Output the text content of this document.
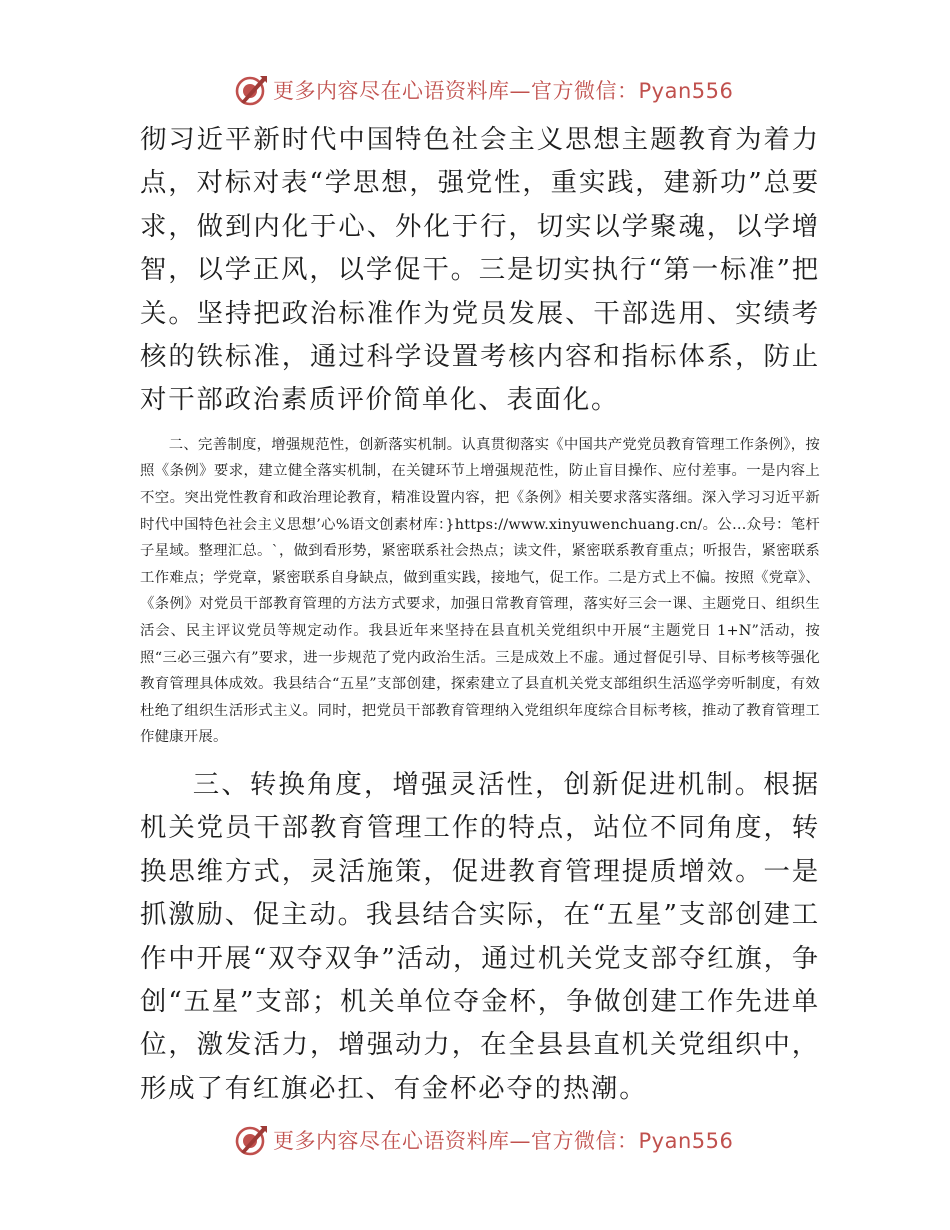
更多内容尽在心语资料库—官方微信：Pyan556

彻习近平新时代中国特色社会主义思想主题教育为着力点，对标对表“学思想，强党性，重实践，建新功”总要求，做到内化于心、外化于行，切实以学聚魂，以学增智，以学正风，以学促干。三是切实执行“第一标准”把关。坚持把政治标准作为党员发展、干部选用、实绩考核的铁标准，通过科学设置考核内容和指标体系，防止对干部政治素质评价简单化、表面化。

二、完善制度，增强规范性，创新落实机制。认真贯彻落实《中国共产党党员教育管理工作条例》，按照《条例》要求，建立健全落实机制，在关键环节上增强规范性，防止盲目操作、应付差事。一是内容上不空。突出党性教育和政治理论教育，精准设置内容，把《条例》相关要求落实落细。深入学习习近平新时代中国特色社会主义思想’心%语文创素材库：}https://www.xinyuwenchuang.cn/。公…众号：笔杆子星域。整理汇总。`，做到看形势，紧密联系社会热点；读文件，紧密联系教育重点；听报告，紧密联系工作难点；学党章，紧密联系自身缺点，做到重实践，接地气，促工作。二是方式上不偏。按照《党章》、《条例》对党员干部教育管理的方法方式要求，加强日常教育管理，落实好三会一课、主题党日、组织生活会、民主评议党员等规定动作。我县近年来坚持在县直机关党组织中开展“主题党日 1+N”活动，按照“三必三强六有”要求，进一步规范了党内政治生活。三是成效上不虚。通过督促引导、目标考核等强化教育管理具体成效。我县结合“五星”支部创建，探索建立了县直机关党支部组织生活巡学旁听制度，有效杜绝了组织生活形式主义。同时，把党员干部教育管理纳入党组织年度综合目标考核，推动了教育管理工作健康开展。

三、转换角度，增强灵活性，创新促进机制。根据机关党员干部教育管理工作的特点，站位不同角度，转换思维方式，灵活施策，促进教育管理提质增效。一是抓激励、促主动。我县结合实际，在“五星”支部创建工作中开展“双夺双争”活动，通过机关党支部夺红旗，争创“五星”支部；机关单位夺金杯，争做创建工作先进单位，激发活力，增强动力，在全县县直机关党组织中，形成了有红旗必扛、有金杯必夺的热潮。

更多内容尽在心语资料库—官方微信：Pyan556
